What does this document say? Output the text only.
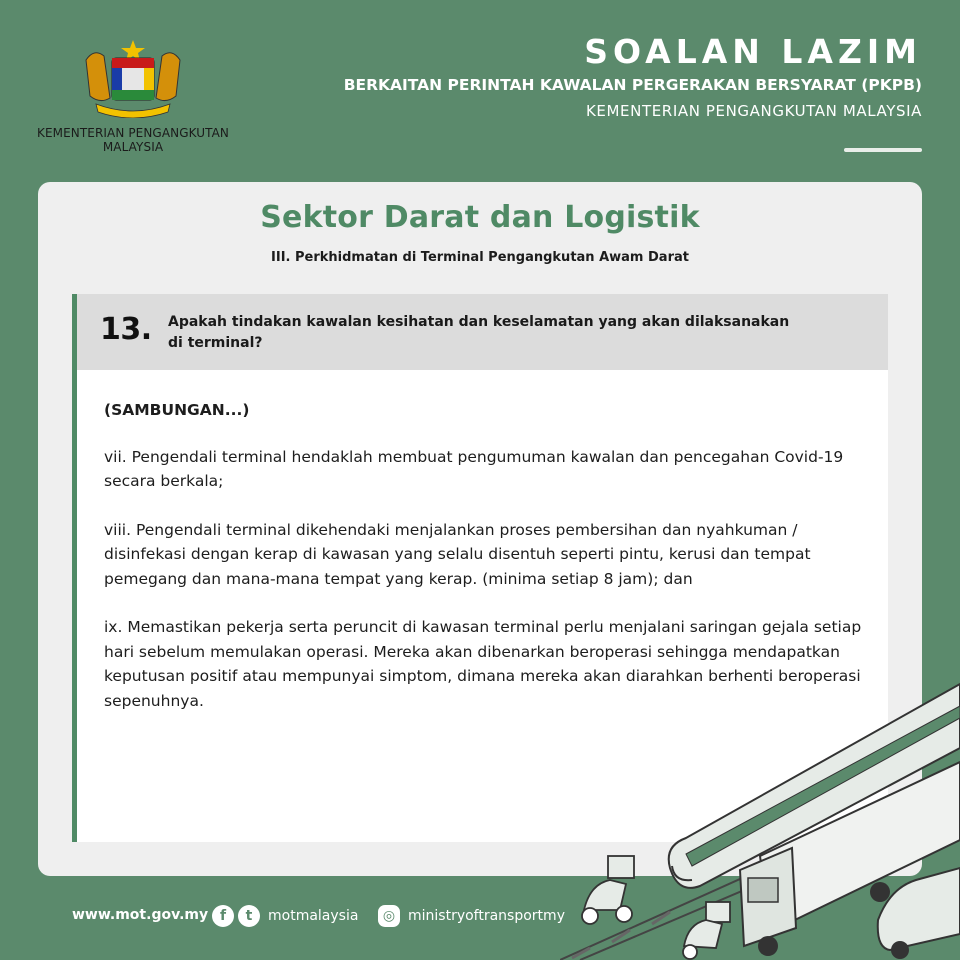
KEMENTERIAN PENGANGKUTAN
MALAYSIA
SOALAN LAZIM
BERKAITAN PERINTAH KAWALAN PERGERAKAN BERSYARAT (PKPB)
KEMENTERIAN PENGANGKUTAN MALAYSIA
Sektor Darat dan Logistik
III. Perkhidmatan di Terminal Pengangkutan Awam Darat
13. Apakah tindakan kawalan kesihatan dan keselamatan yang akan dilaksanakan di terminal?
(SAMBUNGAN...)
vii. Pengendali terminal hendaklah membuat pengumuman kawalan dan pencegahan Covid-19 secara berkala;
viii. Pengendali terminal dikehendaki menjalankan proses pembersihan dan nyahkuman / disinfekasi dengan kerap di kawasan yang selalu disentuh seperti pintu, kerusi dan tempat pemegang dan mana-mana tempat yang kerap. (minima setiap 8 jam); dan
ix. Memastikan pekerja serta peruncit di kawasan terminal perlu menjalani saringan gejala setiap hari sebelum memulakan operasi. Mereka akan dibenarkan beroperasi sehingga mendapatkan keputusan positif atau mempunyai simptom, dimana mereka akan diarahkan berhenti beroperasi sepenuhnya.
www.mot.gov.my f	t	motmalaysia	◎ ministryoftransportmy
